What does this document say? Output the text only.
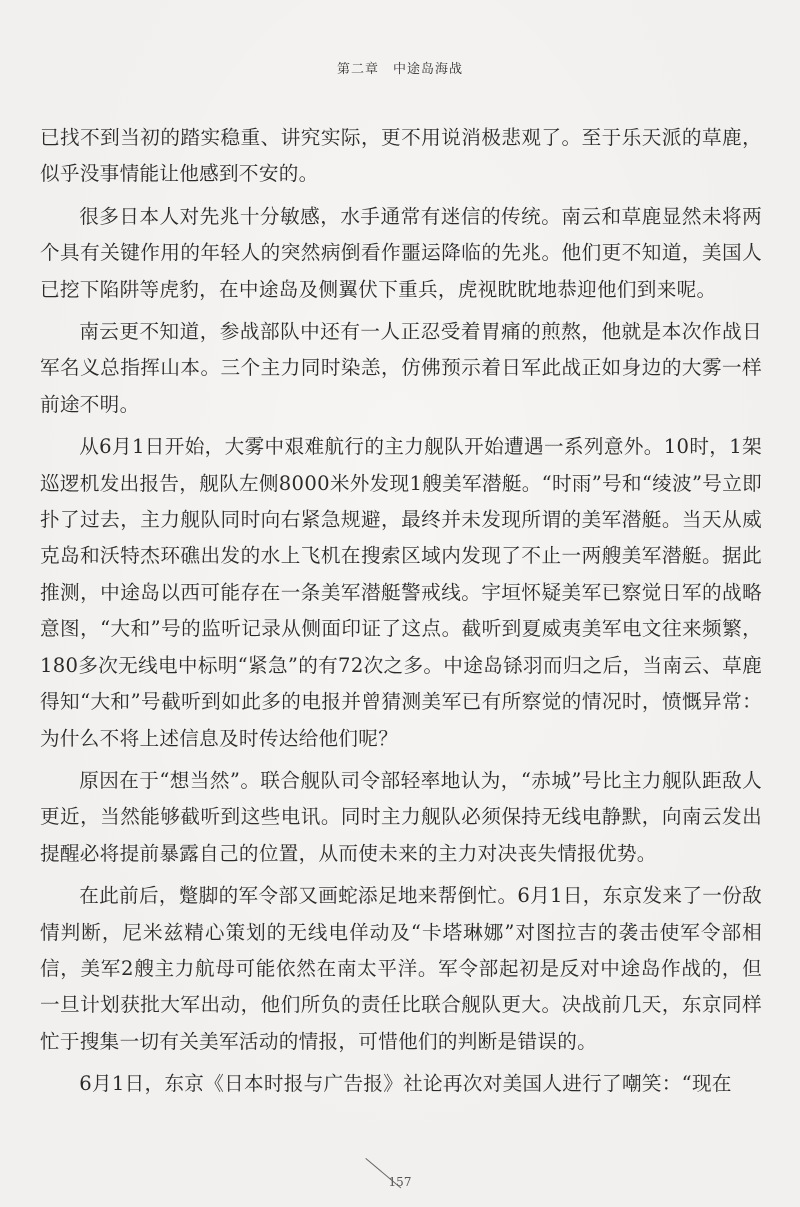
第二章 中途岛海战

已找不到当初的踏实稳重、讲究实际，更不用说消极悲观了。至于乐天派的草鹿，似乎没事情能让他感到不安的。

很多日本人对先兆十分敏感，水手通常有迷信的传统。南云和草鹿显然未将两个具有关键作用的年轻人的突然病倒看作噩运降临的先兆。他们更不知道，美国人已挖下陷阱等虎豹，在中途岛及侧翼伏下重兵，虎视眈眈地恭迎他们到来呢。

南云更不知道，参战部队中还有一人正忍受着胃痛的煎熬，他就是本次作战日军名义总指挥山本。三个主力同时染恙，仿佛预示着日军此战正如身边的大雾一样前途不明。

从6月1日开始，大雾中艰难航行的主力舰队开始遭遇一系列意外。10时，1架巡逻机发出报告，舰队左侧8000米外发现1艘美军潜艇。“时雨”号和“绫波”号立即扑了过去，主力舰队同时向右紧急规避，最终并未发现所谓的美军潜艇。当天从威克岛和沃特杰环礁出发的水上飞机在搜索区域内发现了不止一两艘美军潜艇。据此推测，中途岛以西可能存在一条美军潜艇警戒线。宇垣怀疑美军已察觉日军的战略意图，“大和”号的监听记录从侧面印证了这点。截听到夏威夷美军电文往来频繁，180多次无线电中标明“紧急”的有72次之多。中途岛铩羽而归之后，当南云、草鹿得知“大和”号截听到如此多的电报并曾猜测美军已有所察觉的情况时，愤慨异常：为什么不将上述信息及时传达给他们呢？

原因在于“想当然”。联合舰队司令部轻率地认为，“赤城”号比主力舰队距敌人更近，当然能够截听到这些电讯。同时主力舰队必须保持无线电静默，向南云发出提醒必将提前暴露自己的位置，从而使未来的主力对决丧失情报优势。

在此前后，蹩脚的军令部又画蛇添足地来帮倒忙。6月1日，东京发来了一份敌情判断，尼米兹精心策划的无线电佯动及“卡塔琳娜”对图拉吉的袭击使军令部相信，美军2艘主力航母可能依然在南太平洋。军令部起初是反对中途岛作战的，但一旦计划获批大军出动，他们所负的责任比联合舰队更大。决战前几天，东京同样忙于搜集一切有关美军活动的情报，可惜他们的判断是错误的。

6月1日，东京《日本时报与广告报》社论再次对美国人进行了嘲笑：“现在

157
